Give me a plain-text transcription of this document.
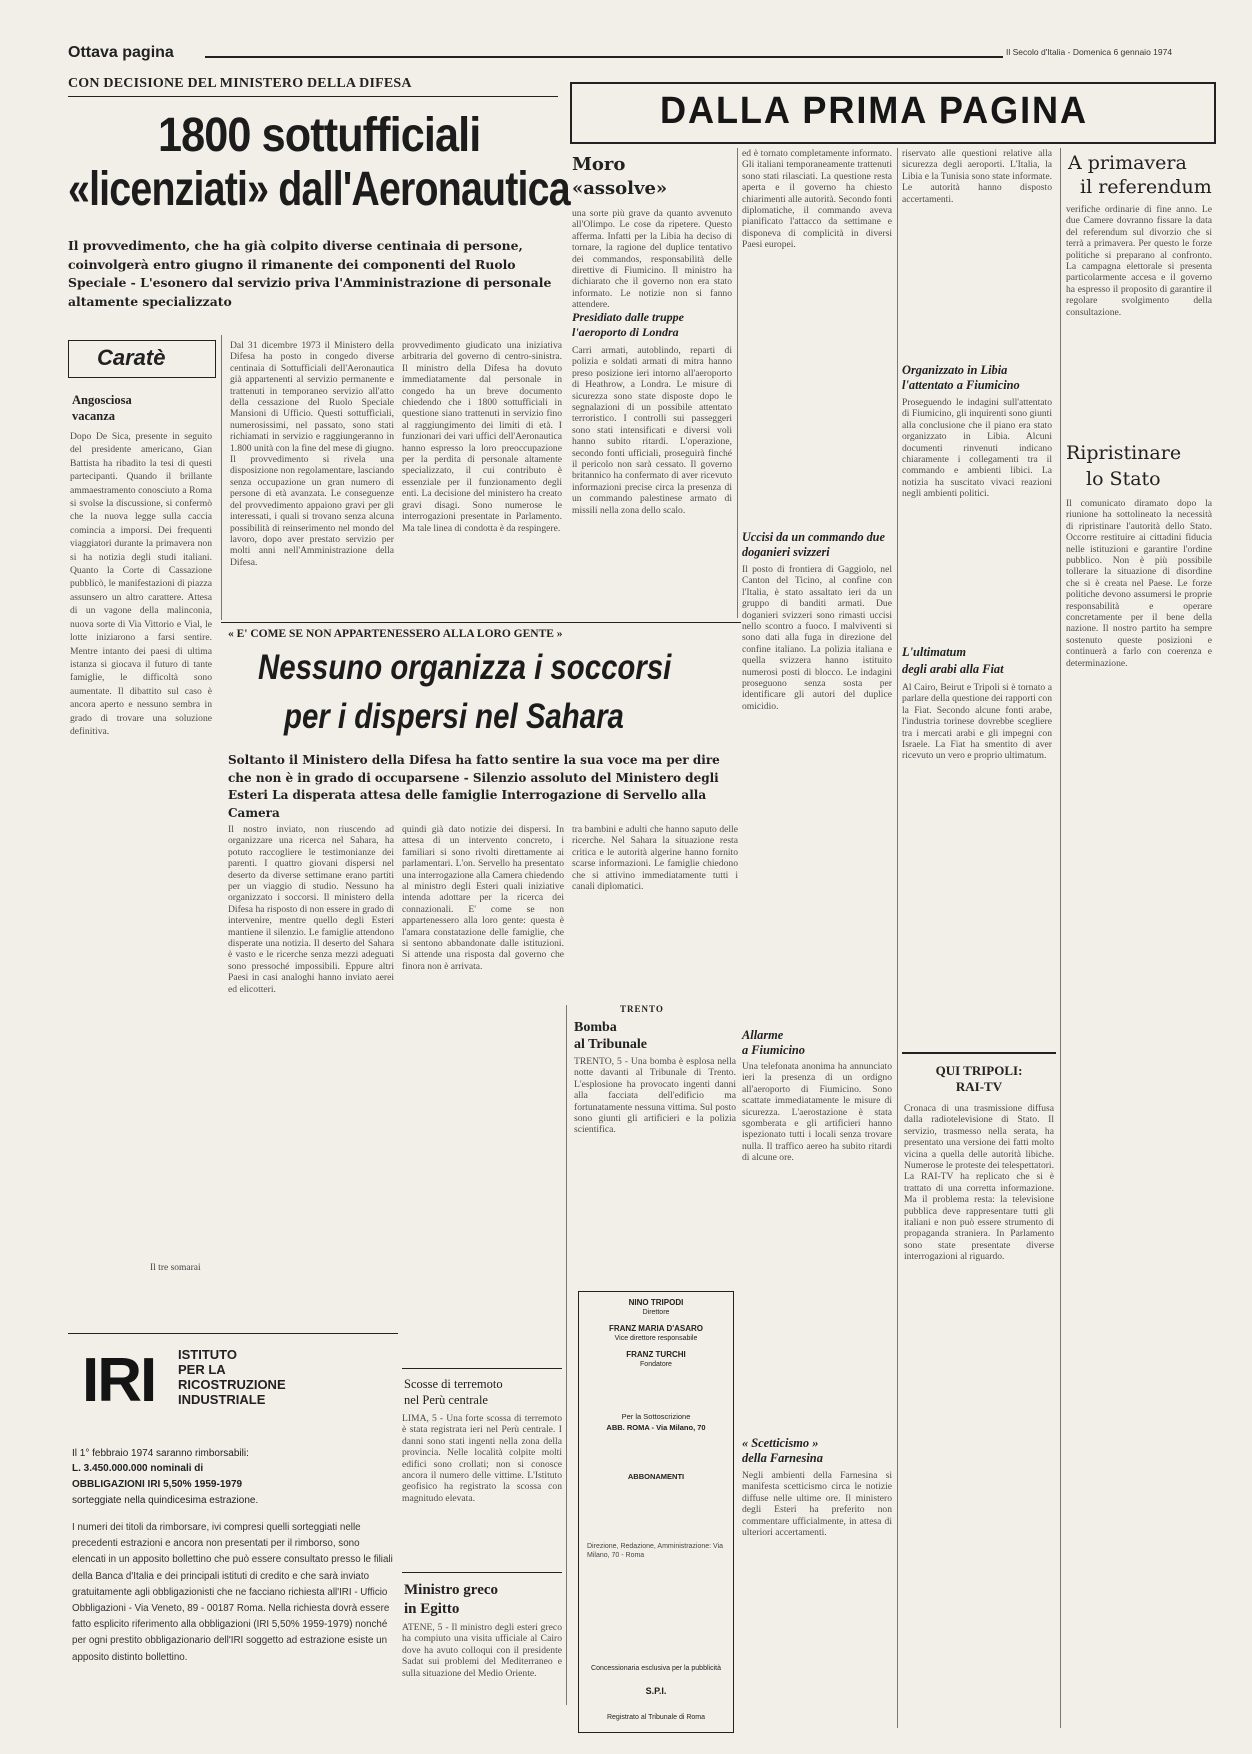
Ottava pagina	Il Secolo d'Italia - Domenica 6 gennaio 1974
CON DECISIONE DEL MINISTERO DELLA DIFESA
1800 sottufficiali
«licenziati» dall'Aeronautica
Il provvedimento, che ha già colpito diverse centinaia di persone, coinvolgerà entro giugno il rimanente dei componenti del Ruolo Speciale - L'esonero dal servizio priva l'Amministrazione di personale altamente specializzato
Caratè
Angosciosa
vacanza
Dopo De Sica, presente in seguito del presidente americano, Gian Battista ha ribadito la tesi di questi partecipanti. Quando il brillante ammaestramento conosciuto a Roma si svolse la discussione, si confermò che la nuova legge sulla caccia comincia a imporsi. Dei frequenti viaggiatori durante la primavera non si ha notizia degli studi italiani. Quanto la Corte di Cassazione pubblicò, le manifestazioni di piazza assunsero un altro carattere. Attesa di un vagone della malinconia, nuova sorte di Via Vittorio e Vial, le lotte iniziarono a farsi sentire. Mentre intanto dei paesi di ultima istanza si giocava il futuro di tante famiglie, le difficoltà sono aumentate. Il dibattito sul caso è ancora aperto e nessuno sembra in grado di trovare una soluzione definitiva.
Il tre somarai
Dal 31 dicembre 1973 il Ministero della Difesa ha posto in congedo diverse centinaia di Sottufficiali dell'Aeronautica già appartenenti al servizio permanente e trattenuti in temporaneo servizio all'atto della cessazione del Ruolo Speciale Mansioni di Ufficio. Questi sottufficiali, numerosissimi, nel passato, sono stati richiamati in servizio e raggiungeranno in 1.800 unità con la fine del mese di giugno. Il provvedimento si rivela una disposizione non regolamentare, lasciando senza occupazione un gran numero di persone di età avanzata. Le conseguenze del provvedimento appaiono gravi per gli interessati, i quali si trovano senza alcuna possibilità di reinserimento nel mondo del lavoro, dopo aver prestato servizio per molti anni nell'Amministrazione della Difesa.
provvedimento giudicato una iniziativa arbitraria del governo di centro-sinistra. Il ministro della Difesa ha dovuto immediatamente dal personale in congedo ha un breve documento chiedendo che i 1800 sottufficiali in questione siano trattenuti in servizio fino al raggiungimento dei limiti di età. I funzionari dei vari uffici dell'Aeronautica hanno espresso la loro preoccupazione per la perdita di personale altamente specializzato, il cui contributo è essenziale per il funzionamento degli enti. La decisione del ministero ha creato gravi disagi. Sono numerose le interrogazioni presentate in Parlamento. Ma tale linea di condotta è da respingere.
« E' COME SE NON APPARTENESSERO ALLA LORO GENTE »
Nessuno organizza i soccorsi
per i dispersi nel Sahara
Soltanto il Ministero della Difesa ha fatto sentire la sua voce ma per dire che non è in grado di occuparsene - Silenzio assoluto del Ministero degli Esteri La disperata attesa delle famiglie Interrogazione di Servello alla Camera
Il nostro inviato, non riuscendo ad organizzare una ricerca nel Sahara, ha potuto raccogliere le testimonianze dei parenti. I quattro giovani dispersi nel deserto da diverse settimane erano partiti per un viaggio di studio. Nessuno ha organizzato i soccorsi. Il ministero della Difesa ha risposto di non essere in grado di intervenire, mentre quello degli Esteri mantiene il silenzio. Le famiglie attendono disperate una notizia. Il deserto del Sahara è vasto e le ricerche senza mezzi adeguati sono pressoché impossibili. Eppure altri Paesi in casi analoghi hanno inviato aerei ed elicotteri.
quindi già dato notizie dei dispersi. In attesa di un intervento concreto, i familiari si sono rivolti direttamente ai parlamentari. L'on. Servello ha presentato una interrogazione alla Camera chiedendo al ministro degli Esteri quali iniziative intenda adottare per la ricerca dei connazionali. E' come se non appartenessero alla loro gente: questa è l'amara constatazione delle famiglie, che si sentono abbandonate dalle istituzioni. Si attende una risposta dal governo che finora non è arrivata.
tra bambini e adulti che hanno saputo delle ricerche. Nel Sahara la situazione resta critica e le autorità algerine hanno fornito scarse informazioni. Le famiglie chiedono che si attivino immediatamente tutti i canali diplomatici.
IRI ISTITUTO
PER LA
RICOSTRUZIONE
INDUSTRIALE
Il 1° febbraio 1974 saranno rimborsabili:
L. 3.450.000.000 nominali di
OBBLIGAZIONI IRI 5,50% 1959-1979
sorteggiate nella quindicesima estrazione.
I numeri dei titoli da rimborsare, ivi compresi quelli sorteggiati nelle precedenti estrazioni e ancora non presentati per il rimborso, sono elencati in un apposito bollettino che può essere consultato presso le filiali della Banca d'Italia e dei principali istituti di credito e che sarà inviato gratuitamente agli obbligazionisti che ne facciano richiesta all'IRI - Ufficio Obbligazioni - Via Veneto, 89 - 00187 Roma. Nella richiesta dovrà essere fatto esplicito riferimento alla obbligazioni (IRI 5,50% 1959-1979) nonché per ogni prestito obbligazionario dell'IRI soggetto ad estrazione esiste un apposito distinto bollettino.
Scosse di terremoto
nel Perù centrale
LIMA, 5 - Una forte scossa di terremoto è stata registrata ieri nel Perù centrale. I danni sono stati ingenti nella zona della provincia. Nelle località colpite molti edifici sono crollati; non si conosce ancora il numero delle vittime. L'Istituto geofisico ha registrato la scossa con magnitudo elevata.
Ministro greco
in Egitto
ATENE, 5 - Il ministro degli esteri greco ha compiuto una visita ufficiale al Cairo dove ha avuto colloqui con il presidente Sadat sui problemi del Mediterraneo e sulla situazione del Medio Oriente.
DALLA PRIMA PAGINA
Moro
«assolve»
una sorte più grave da quanto avvenuto all'Olimpo. Le cose da ripetere. Questo afferma. Infatti per la Libia ha deciso di tornare, la ragione del duplice tentativo dei commandos, responsabilità delle direttive di Fiumicino. Il ministro ha dichiarato che il governo non era stato informato. Le notizie non si fanno attendere.
Presidiato dalle truppe l'aeroporto di Londra
Carri armati, autoblindo, reparti di polizia e soldati armati di mitra hanno preso posizione ieri intorno all'aeroporto di Heathrow, a Londra. Le misure di sicurezza sono state disposte dopo le segnalazioni di un possibile attentato terroristico. I controlli sui passeggeri sono stati intensificati e diversi voli hanno subito ritardi. L'operazione, secondo fonti ufficiali, proseguirà finché il pericolo non sarà cessato. Il governo britannico ha confermato di aver ricevuto informazioni precise circa la presenza di un commando palestinese armato di missili nella zona dello scalo.
ed è tornato completamente informato. Gli italiani temporaneamente trattenuti sono stati rilasciati. La questione resta aperta e il governo ha chiesto chiarimenti alle autorità. Secondo fonti diplomatiche, il commando aveva pianificato l'attacco da settimane e disponeva di complicità in diversi Paesi europei.
Uccisi da un commando due doganieri svizzeri
Il posto di frontiera di Gaggiolo, nel Canton del Ticino, al confine con l'Italia, è stato assaltato ieri da un gruppo di banditi armati. Due doganieri svizzeri sono rimasti uccisi nello scontro a fuoco. I malviventi si sono dati alla fuga in direzione del confine italiano. La polizia italiana e quella svizzera hanno istituito numerosi posti di blocco. Le indagini proseguono senza sosta per identificare gli autori del duplice omicidio.
TRENTO
Bomba
al Tribunale
TRENTO, 5 - Una bomba è esplosa nella notte davanti al Tribunale di Trento. L'esplosione ha provocato ingenti danni alla facciata dell'edificio ma fortunatamente nessuna vittima. Sul posto sono giunti gli artificieri e la polizia scientifica.
NINO TRIPODI
Direttore
FRANZ MARIA D'ASARO
Vice direttore responsabile
FRANZ TURCHI
Fondatore
Per la Sottoscrizione
ABB. ROMA - Via Milano, 70
ABBONAMENTI
Direzione, Redazione, Amministrazione: Via Milano, 70 - Roma
Concessionaria esclusiva per la pubblicità
S.P.I.
Registrato al Tribunale di Roma
riservato alle questioni relative alla sicurezza degli aeroporti. L'Italia, la Libia e la Tunisia sono state informate. Le autorità hanno disposto accertamenti.
Organizzato in Libia
l'attentato a Fiumicino
Proseguendo le indagini sull'attentato di Fiumicino, gli inquirenti sono giunti alla conclusione che il piano era stato organizzato in Libia. Alcuni documenti rinvenuti indicano chiaramente i collegamenti tra il commando e ambienti libici. La notizia ha suscitato vivaci reazioni negli ambienti politici.
L'ultimatum
degli arabi alla Fiat
Al Cairo, Beirut e Tripoli si è tornato a parlare della questione dei rapporti con la Fiat. Secondo alcune fonti arabe, l'industria torinese dovrebbe scegliere tra i mercati arabi e gli impegni con Israele. La Fiat ha smentito di aver ricevuto un vero e proprio ultimatum.
Allarme
a Fiumicino
Una telefonata anonima ha annunciato ieri la presenza di un ordigno all'aeroporto di Fiumicino. Sono scattate immediatamente le misure di sicurezza. L'aerostazione è stata sgomberata e gli artificieri hanno ispezionato tutti i locali senza trovare nulla. Il traffico aereo ha subito ritardi di alcune ore.
« Scetticismo »
della Farnesina
Negli ambienti della Farnesina si manifesta scetticismo circa le notizie diffuse nelle ultime ore. Il ministero degli Esteri ha preferito non commentare ufficialmente, in attesa di ulteriori accertamenti.
QUI TRIPOLI:
RAI-TV
Cronaca di una trasmissione diffusa dalla radiotelevisione di Stato. Il servizio, trasmesso nella serata, ha presentato una versione dei fatti molto vicina a quella delle autorità libiche. Numerose le proteste dei telespettatori. La RAI-TV ha replicato che si è trattato di una corretta informazione. Ma il problema resta: la televisione pubblica deve rappresentare tutti gli italiani e non può essere strumento di propaganda straniera. In Parlamento sono state presentate diverse interrogazioni al riguardo.
A primavera
il referendum
verifiche ordinarie di fine anno. Le due Camere dovranno fissare la data del referendum sul divorzio che si terrà a primavera. Per questo le forze politiche si preparano al confronto. La campagna elettorale si presenta particolarmente accesa e il governo ha espresso il proposito di garantire il regolare svolgimento della consultazione.
Ripristinare
lo Stato
Il comunicato diramato dopo la riunione ha sottolineato la necessità di ripristinare l'autorità dello Stato. Occorre restituire ai cittadini fiducia nelle istituzioni e garantire l'ordine pubblico. Non è più possibile tollerare la situazione di disordine che si è creata nel Paese. Le forze politiche devono assumersi le proprie responsabilità e operare concretamente per il bene della nazione. Il nostro partito ha sempre sostenuto queste posizioni e continuerà a farlo con coerenza e determinazione.
